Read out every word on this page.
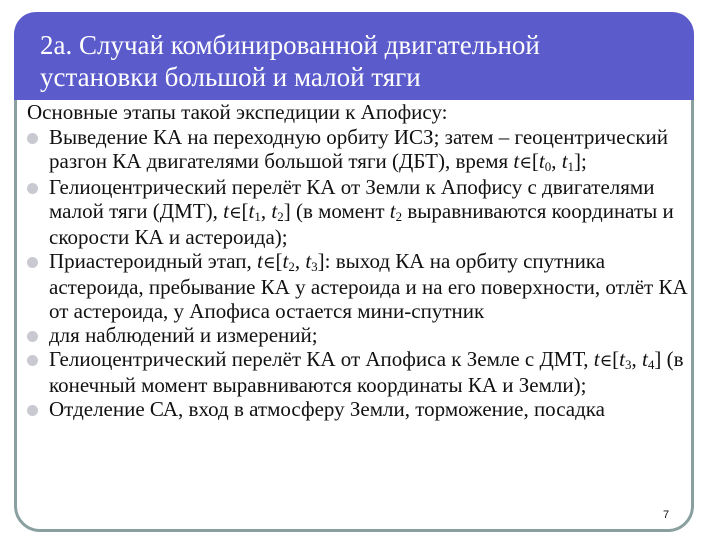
2а. Случай комбинированной двигательной
установки большой и малой тяги
Основные этапы такой экспедиции к Апофису:
Выведение КА на переходную орбиту ИСЗ; затем – геоцентрический разгон КА двигателями большой тяги (ДБТ), время $t\in[t_0$, $t_1$];
Гелиоцентрический перелёт КА от Земли к Апофису с двигателями малой тяги (ДМТ), $t\in[t_1$, $t_2$] (в момент $t_2$ выравниваются координаты и скорости КА и астероида);
Приастероидный этап, $t\in[t_2$, $t_3$]: выход КА на орбиту спутника астероида, пребывание КА у астероида и на его поверхности, отлёт КА от астероида, у Апофиса остается мини-спутник
для наблюдений и измерений;
Гелиоцентрический перелёт КА от Апофиса к Земле с ДМТ, $t\in[t_3$, $t_4$] (в конечный момент выравниваются координаты КА и Земли);
Отделение СА, вход в атмосферу Земли, торможение, посадка
7
